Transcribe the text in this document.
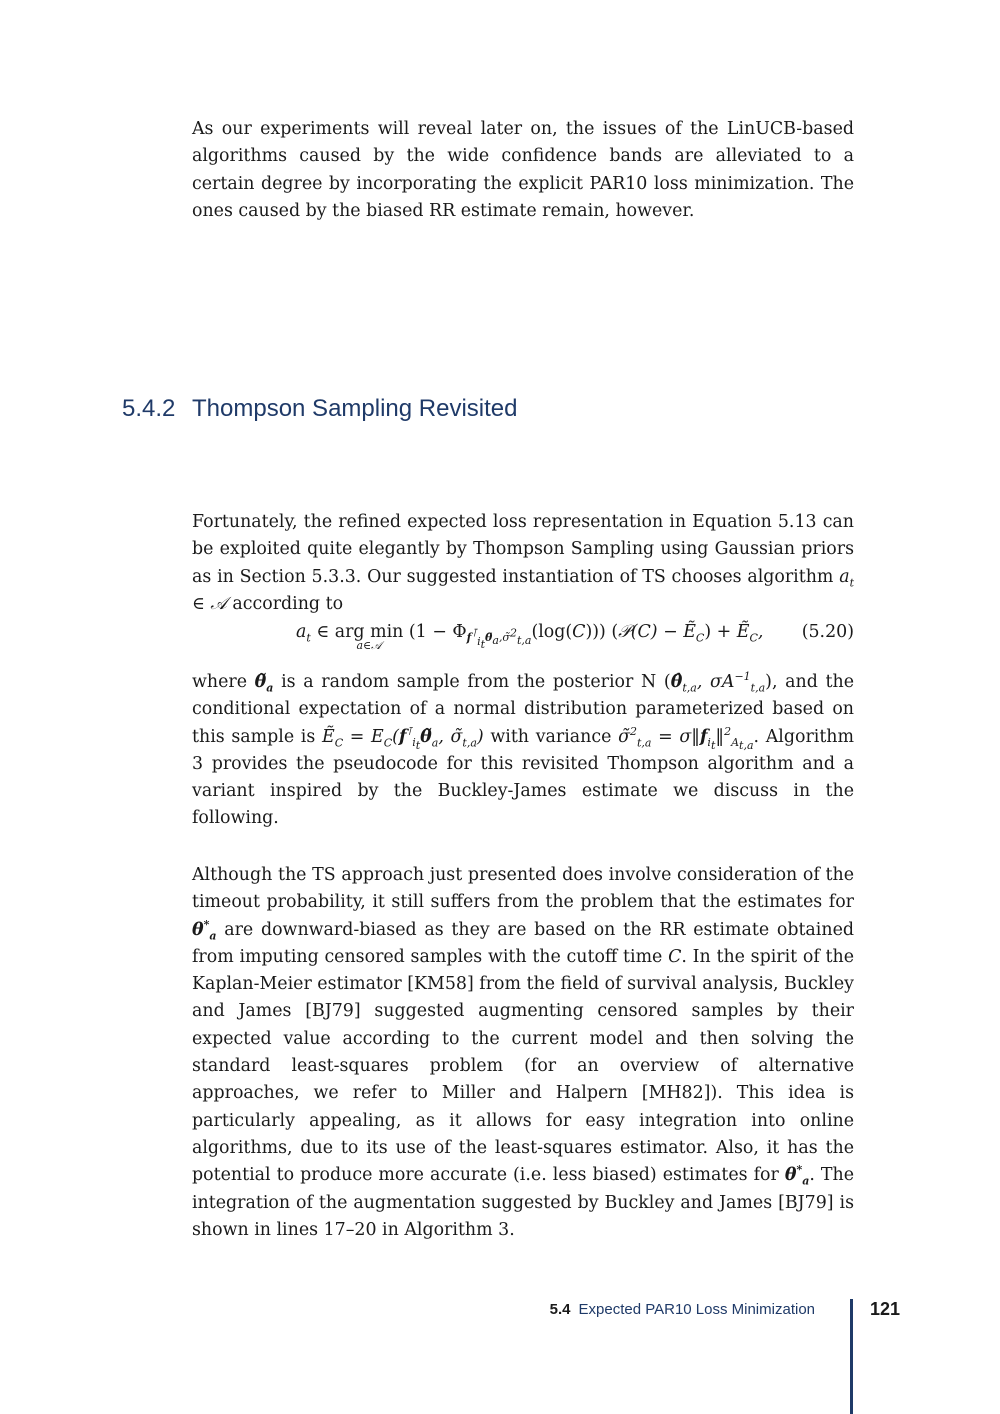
As our experiments will reveal later on, the issues of the LinUCB-based algorithms caused by the wide confidence bands are alleviated to a certain degree by incorporating the explicit PAR10 loss minimization. The ones caused by the biased RR estimate remain, however.

5.4.2 Thompson Sampling Revisited

Fortunately, the refined expected loss representation in Equation 5.13 can be exploited quite elegantly by Thompson Sampling using Gaussian priors as in Section 5.3.3. Our suggested instantiation of TS chooses algorithm $a_t$ ∈ 𝒜 according to

$a_t$ ∈ arg min
a∈𝒜
$(1 - \Phi_{f^⊺_{i_t}\thetã_a,\sigmã^2_{t,a}}(\log(C)))$ (𝒫(C) − Ẽ$_C$) + Ẽ$_C$, (5.20)

where $\thetã_a$ is a random sample from the posterior N ($\thetâ_{t,a}$, $\sigma A^{-1}_{t,a}$), and the conditional expectation of a normal distribution parameterized based on this sample is Ẽ$_C$ = $E_C(f^⊺_{i_t}\thetã_a$, $\sigmã_{t,a}$) with variance σ̃$^2_{t,a}$ = $\sigma‖f_{i_t}‖^2_{A_{t,a}}$. Algorithm 3 provides the pseudocode for this revisited Thompson algorithm and a variant inspired by the Buckley-James estimate we discuss in the following.

Although the TS approach just presented does involve consideration of the timeout probability, it still suffers from the problem that the estimates for $\theta^*_a$ are downward-biased as they are based on the RR estimate obtained from imputing censored samples with the cutoff time C. In the spirit of the Kaplan-Meier estimator [KM58] from the field of survival analysis, Buckley and James [BJ79] suggested augmenting censored samples by their expected value according to the current model and then solving the standard least-squares problem (for an overview of alternative approaches, we refer to Miller and Halpern [MH82]). This idea is particularly appealing, as it allows for easy integration into online algorithms, due to its use of the least-squares estimator. Also, it has the potential to produce more accurate (i.e. less biased) estimates for $\theta^*_a$. The integration of the augmentation suggested by Buckley and James [BJ79] is shown in lines 17–20 in Algorithm 3.

5.4 Expected PAR10 Loss Minimization	121
